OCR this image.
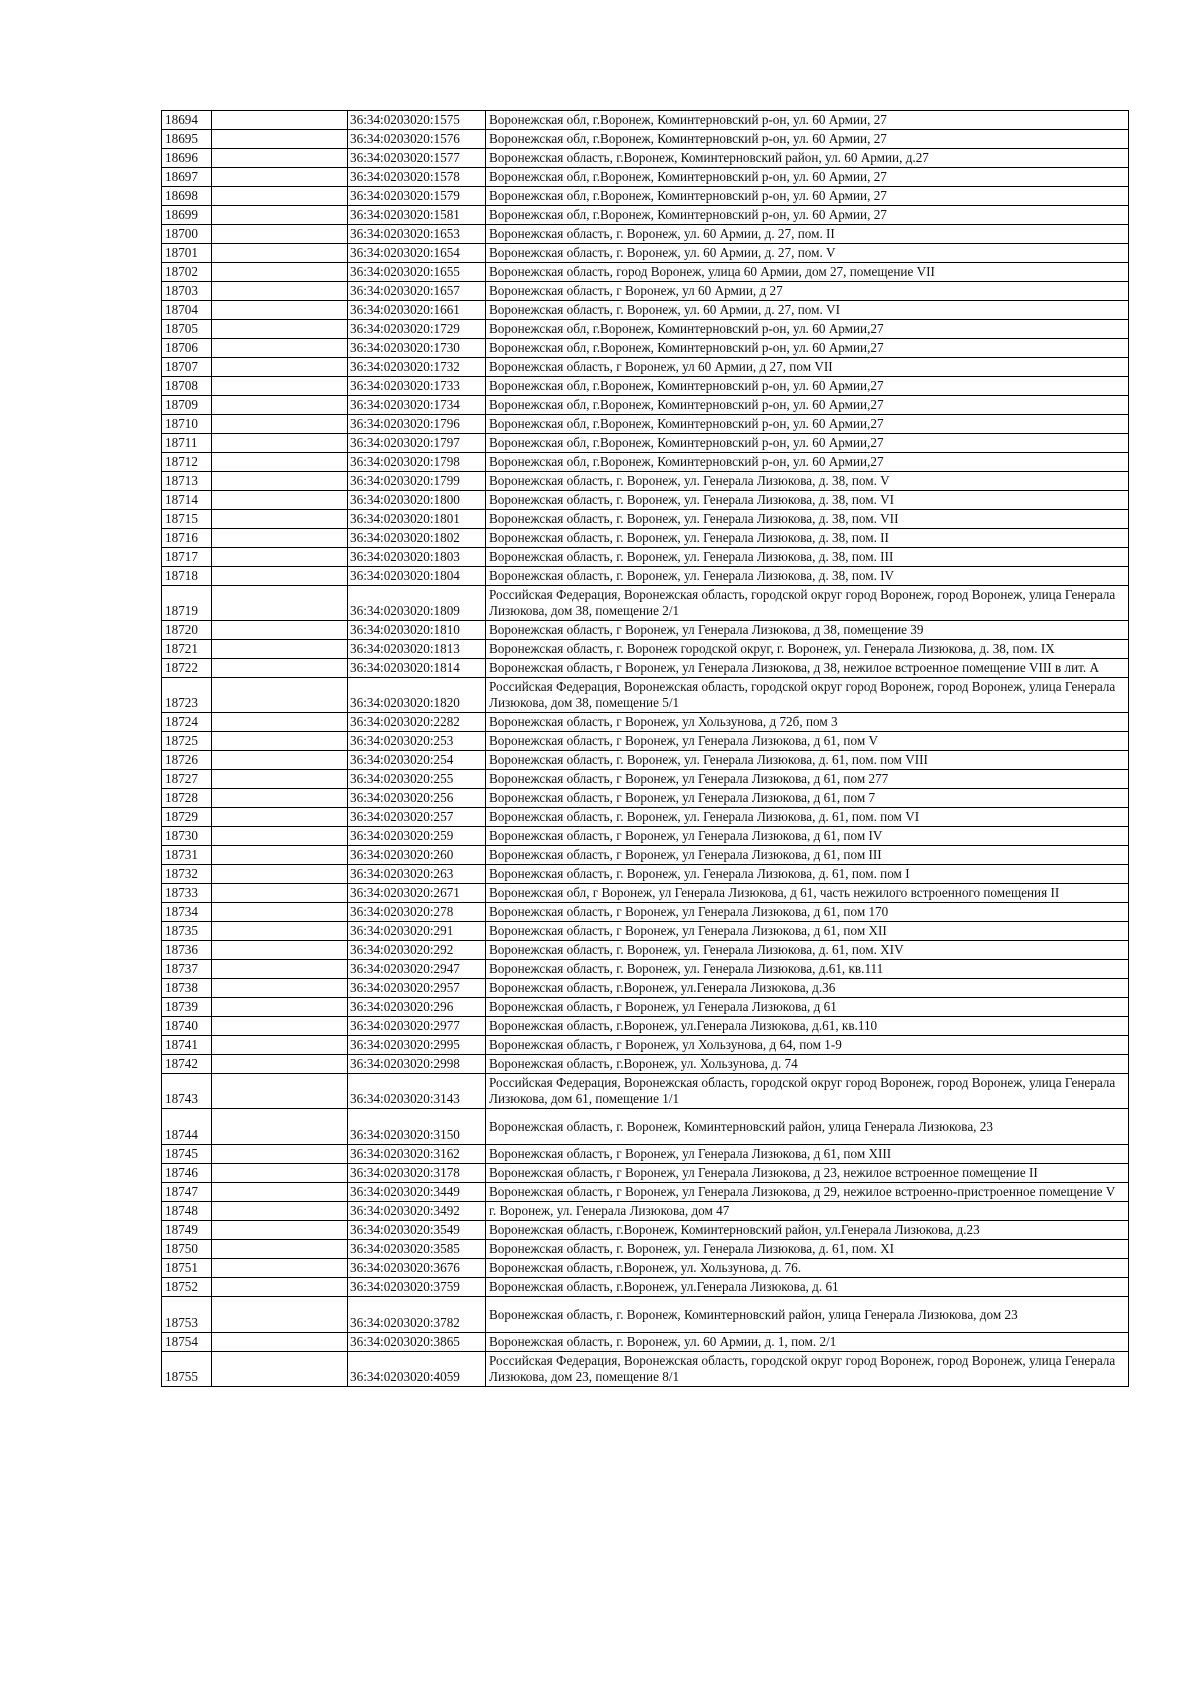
18694		36:34:0203020:1575	Воронежская обл, г.Воронеж, Коминтерновский р-он, ул. 60 Армии, 27
18695		36:34:0203020:1576	Воронежская обл, г.Воронеж, Коминтерновский р-он, ул. 60 Армии, 27
18696		36:34:0203020:1577	Воронежская область, г.Воронеж, Коминтерновский район, ул. 60 Армии, д.27
18697		36:34:0203020:1578	Воронежская обл, г.Воронеж, Коминтерновский р-он, ул. 60 Армии, 27
18698		36:34:0203020:1579	Воронежская обл, г.Воронеж, Коминтерновский р-он, ул. 60 Армии, 27
18699		36:34:0203020:1581	Воронежская обл, г.Воронеж, Коминтерновский р-он, ул. 60 Армии, 27
18700		36:34:0203020:1653	Воронежская область, г. Воронеж, ул. 60 Армии, д. 27, пом. II
18701		36:34:0203020:1654	Воронежская область, г. Воронеж, ул. 60 Армии, д. 27, пом. V
18702		36:34:0203020:1655	Воронежская область, город Воронеж, улица 60 Армии, дом 27, помещение VII
18703		36:34:0203020:1657	Воронежская область, г Воронеж, ул 60 Армии, д 27
18704		36:34:0203020:1661	Воронежская область, г. Воронеж, ул. 60 Армии, д. 27, пом. VI
18705		36:34:0203020:1729	Воронежская обл, г.Воронеж, Коминтерновский р-он, ул. 60 Армии,27
18706		36:34:0203020:1730	Воронежская обл, г.Воронеж, Коминтерновский р-он, ул. 60 Армии,27
18707		36:34:0203020:1732	Воронежская область, г Воронеж, ул 60 Армии, д 27, пом VII
18708		36:34:0203020:1733	Воронежская обл, г.Воронеж, Коминтерновский р-он, ул. 60 Армии,27
18709		36:34:0203020:1734	Воронежская обл, г.Воронеж, Коминтерновский р-он, ул. 60 Армии,27
18710		36:34:0203020:1796	Воронежская обл, г.Воронеж, Коминтерновский р-он, ул. 60 Армии,27
18711		36:34:0203020:1797	Воронежская обл, г.Воронеж, Коминтерновский р-он, ул. 60 Армии,27
18712		36:34:0203020:1798	Воронежская обл, г.Воронеж, Коминтерновский р-он, ул. 60 Армии,27
18713		36:34:0203020:1799	Воронежская область, г. Воронеж, ул. Генерала Лизюкова, д. 38, пом. V
18714		36:34:0203020:1800	Воронежская область, г. Воронеж, ул. Генерала Лизюкова, д. 38, пом. VI
18715		36:34:0203020:1801	Воронежская область, г. Воронеж, ул. Генерала Лизюкова, д. 38, пом. VII
18716		36:34:0203020:1802	Воронежская область, г. Воронеж, ул. Генерала Лизюкова, д. 38, пом. II
18717		36:34:0203020:1803	Воронежская область, г. Воронеж, ул. Генерала Лизюкова, д. 38, пом. III
18718		36:34:0203020:1804	Воронежская область, г. Воронеж, ул. Генерала Лизюкова, д. 38, пом. IV
18719		36:34:0203020:1809	Российская Федерация, Воронежская область, городской округ город Воронеж, город Воронеж, улица Генерала Лизюкова, дом 38, помещение 2/1
18720		36:34:0203020:1810	Воронежская область, г Воронеж, ул Генерала Лизюкова, д 38, помещение 39
18721		36:34:0203020:1813	Воронежская область, г. Воронеж городской округ, г. Воронеж, ул. Генерала Лизюкова, д. 38, пом. IX
18722		36:34:0203020:1814	Воронежская область, г Воронеж, ул Генерала Лизюкова, д 38, нежилое встроенное помещение VIII в лит. А
18723		36:34:0203020:1820	Российская Федерация, Воронежская область, городской округ город Воронеж, город Воронеж, улица Генерала Лизюкова, дом 38, помещение 5/1
18724		36:34:0203020:2282	Воронежская область, г Воронеж, ул Хользунова, д 72б, пом 3
18725		36:34:0203020:253	Воронежская область, г Воронеж, ул Генерала Лизюкова, д 61, пом V
18726		36:34:0203020:254	Воронежская область, г. Воронеж, ул. Генерала Лизюкова, д. 61, пом. пом VIII
18727		36:34:0203020:255	Воронежская область, г Воронеж, ул Генерала Лизюкова, д 61, пом 277
18728		36:34:0203020:256	Воронежская область, г Воронеж, ул Генерала Лизюкова, д 61, пом 7
18729		36:34:0203020:257	Воронежская область, г. Воронеж, ул. Генерала Лизюкова, д. 61, пом. пом VI
18730		36:34:0203020:259	Воронежская область, г Воронеж, ул Генерала Лизюкова, д 61, пом IV
18731		36:34:0203020:260	Воронежская область, г Воронеж, ул Генерала Лизюкова, д 61, пом III
18732		36:34:0203020:263	Воронежская область, г. Воронеж, ул. Генерала Лизюкова, д. 61, пом. пом I
18733		36:34:0203020:2671	Воронежская обл, г Воронеж, ул Генерала Лизюкова, д 61, часть нежилого встроенного помещения II
18734		36:34:0203020:278	Воронежская область, г Воронеж, ул Генерала Лизюкова, д 61, пом 170
18735		36:34:0203020:291	Воронежская область, г Воронеж, ул Генерала Лизюкова, д 61, пом XII
18736		36:34:0203020:292	Воронежская область, г. Воронеж, ул. Генерала Лизюкова, д. 61, пом. XIV
18737		36:34:0203020:2947	Воронежская область, г. Воронеж, ул. Генерала Лизюкова, д.61, кв.111
18738		36:34:0203020:2957	Воронежская область, г.Воронеж, ул.Генерала Лизюкова, д.36
18739		36:34:0203020:296	Воронежская область, г Воронеж, ул Генерала Лизюкова, д 61
18740		36:34:0203020:2977	Воронежская область, г.Воронеж, ул.Генерала Лизюкова, д.61, кв.110
18741		36:34:0203020:2995	Воронежская область, г Воронеж, ул Хользунова, д 64, пом 1-9
18742		36:34:0203020:2998	Воронежская область, г.Воронеж, ул. Хользунова, д. 74
18743		36:34:0203020:3143	Российская Федерация, Воронежская область, городской округ город Воронеж, город Воронеж, улица Генерала Лизюкова, дом 61, помещение 1/1
18744		36:34:0203020:3150	Воронежская область, г. Воронеж, Коминтерновский район, улица Генерала Лизюкова, 23
18745		36:34:0203020:3162	Воронежская область, г Воронеж, ул Генерала Лизюкова, д 61, пом XIII
18746		36:34:0203020:3178	Воронежская область, г Воронеж, ул Генерала Лизюкова, д 23, нежилое встроенное помещение II
18747		36:34:0203020:3449	Воронежская область, г Воронеж, ул Генерала Лизюкова, д 29, нежилое встроенно-пристроенное помещение V
18748		36:34:0203020:3492	г. Воронеж, ул. Генерала Лизюкова, дом 47
18749		36:34:0203020:3549	Воронежская область, г.Воронеж, Коминтерновский район, ул.Генерала Лизюкова, д.23
18750		36:34:0203020:3585	Воронежская область, г. Воронеж, ул. Генерала Лизюкова, д. 61, пом. XI
18751		36:34:0203020:3676	Воронежская область, г.Воронеж, ул. Хользунова, д. 76.
18752		36:34:0203020:3759	Воронежская область, г.Воронеж, ул.Генерала Лизюкова, д. 61
18753		36:34:0203020:3782	Воронежская область, г. Воронеж, Коминтерновский район, улица Генерала Лизюкова, дом 23
18754		36:34:0203020:3865	Воронежская область, г. Воронеж, ул. 60 Армии, д. 1, пом. 2/1
18755		36:34:0203020:4059	Российская Федерация, Воронежская область, городской округ город Воронеж, город Воронеж, улица Генерала Лизюкова, дом 23, помещение 8/1
